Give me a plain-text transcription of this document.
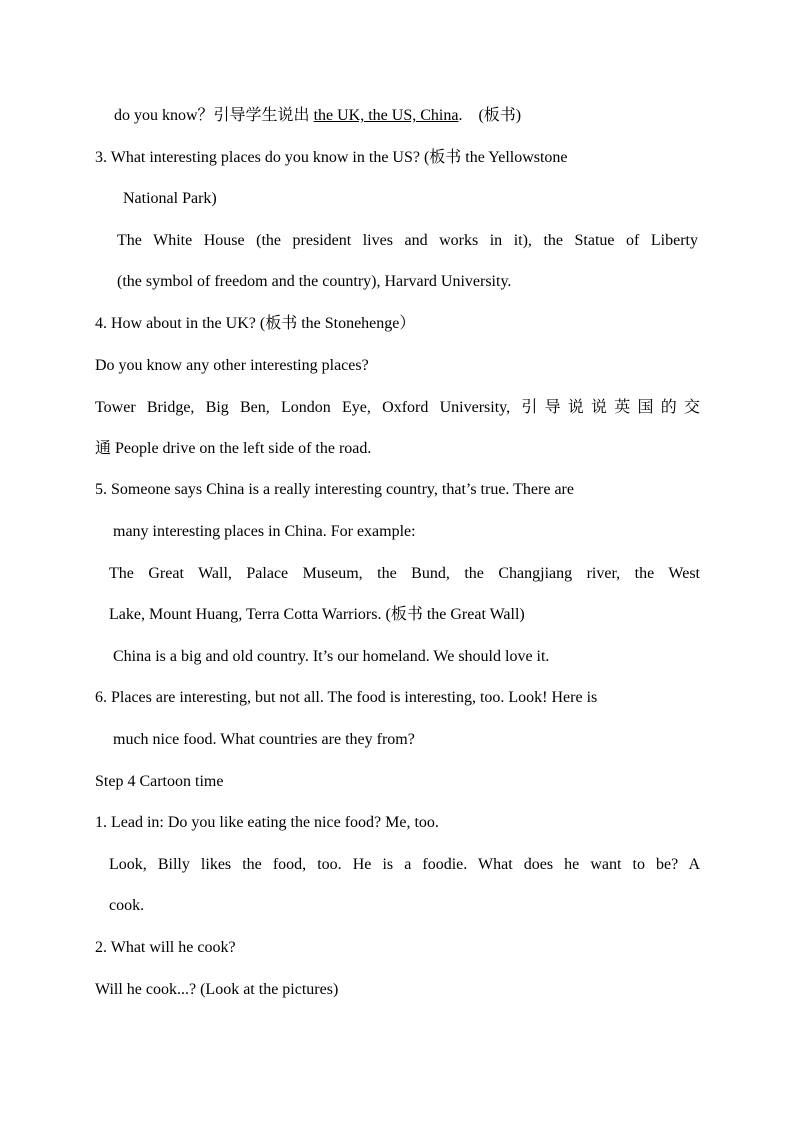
do you know？引导学生说出 the UK, the US, China.　(板书)
3. What interesting places do you know in the US? (板书 the Yellowstone
National Park)
The White House (the president lives and works in it), the Statue of Liberty
(the symbol of freedom and the country), Harvard University.
4. How about in the UK? (板书 the Stonehenge）
Do you know any other interesting places?
Tower Bridge, Big Ben, London Eye, Oxford University, 引导说说英国的交
通 People drive on the left side of the road.
5. Someone says China is a really interesting country, that’s true. There are
many interesting places in China. For example:
The Great Wall, Palace Museum, the Bund, the Changjiang river, the West
Lake, Mount Huang, Terra Cotta Warriors. (板书 the Great Wall)
China is a big and old country. It’s our homeland. We should love it.
6. Places are interesting, but not all. The food is interesting, too. Look! Here is
much nice food. What countries are they from?
Step 4 Cartoon time
1. Lead in: Do you like eating the nice food? Me, too.
Look, Billy likes the food, too. He is a foodie. What does he want to be? A
cook.
2. What will he cook?
Will he cook...? (Look at the pictures)
